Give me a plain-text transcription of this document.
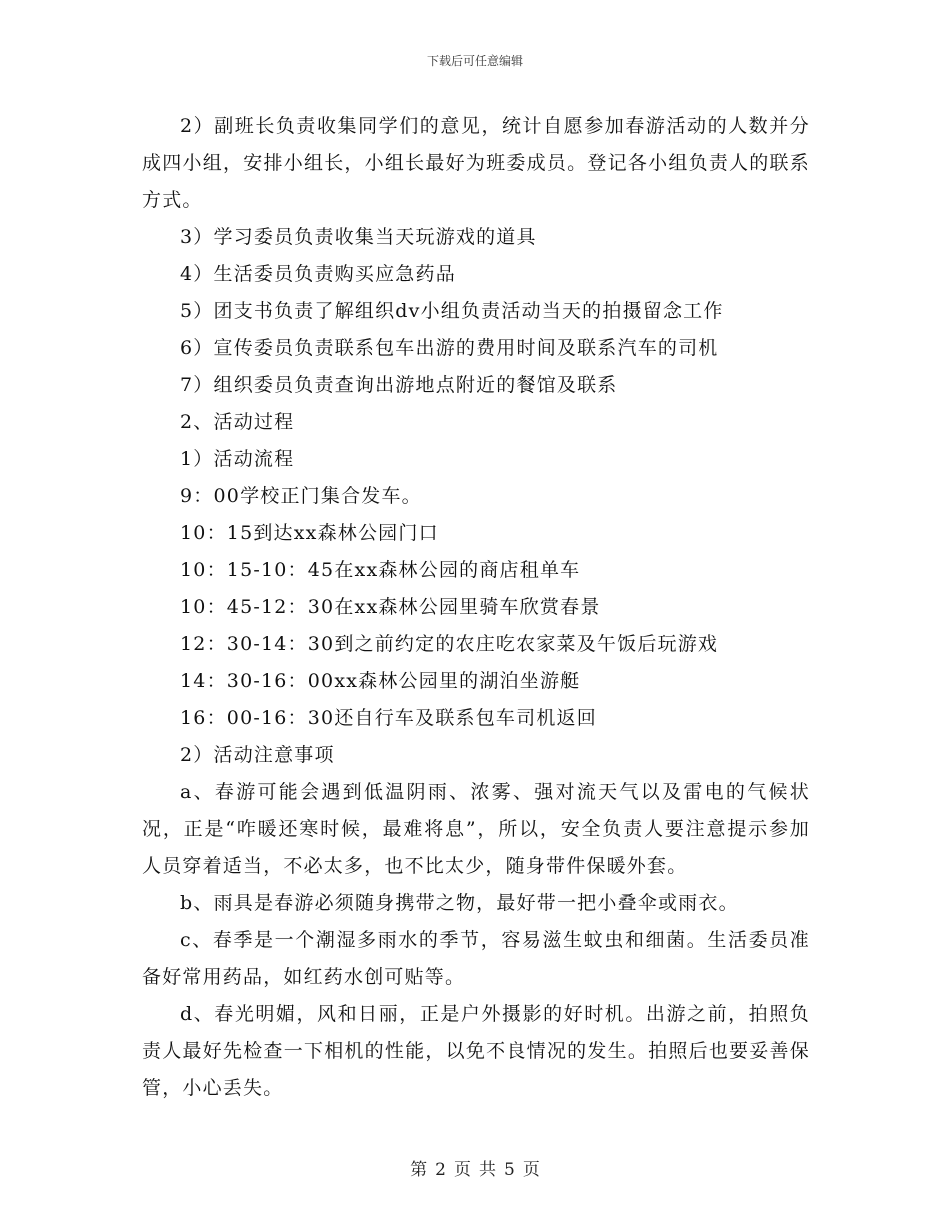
下载后可任意编辑

2）副班长负责收集同学们的意见，统计自愿参加春游活动的人数并分成四小组，安排小组长，小组长最好为班委成员。登记各小组负责人的联系方式。

3）学习委员负责收集当天玩游戏的道具

4）生活委员负责购买应急药品

5）团支书负责了解组织dv小组负责活动当天的拍摄留念工作

6）宣传委员负责联系包车出游的费用时间及联系汽车的司机

7）组织委员负责查询出游地点附近的餐馆及联系

2、活动过程

1）活动流程

9：00学校正门集合发车。

10：15到达xx森林公园门口

10：15-10：45在xx森林公园的商店租单车

10：45-12：30在xx森林公园里骑车欣赏春景

12：30-14：30到之前约定的农庄吃农家菜及午饭后玩游戏

14：30-16：00xx森林公园里的湖泊坐游艇

16：00-16：30还自行车及联系包车司机返回

2）活动注意事项

a、春游可能会遇到低温阴雨、浓雾、强对流天气以及雷电的气候状况，正是“咋暖还寒时候，最难将息”，所以，安全负责人要注意提示参加人员穿着适当，不必太多，也不比太少，随身带件保暖外套。

b、雨具是春游必须随身携带之物，最好带一把小叠伞或雨衣。

c、春季是一个潮湿多雨水的季节，容易滋生蚊虫和细菌。生活委员准备好常用药品，如红药水创可贴等。

d、春光明媚，风和日丽，正是户外摄影的好时机。出游之前，拍照负责人最好先检查一下相机的性能，以免不良情况的发生。拍照后也要妥善保管，小心丢失。

第 2 页 共 5 页
